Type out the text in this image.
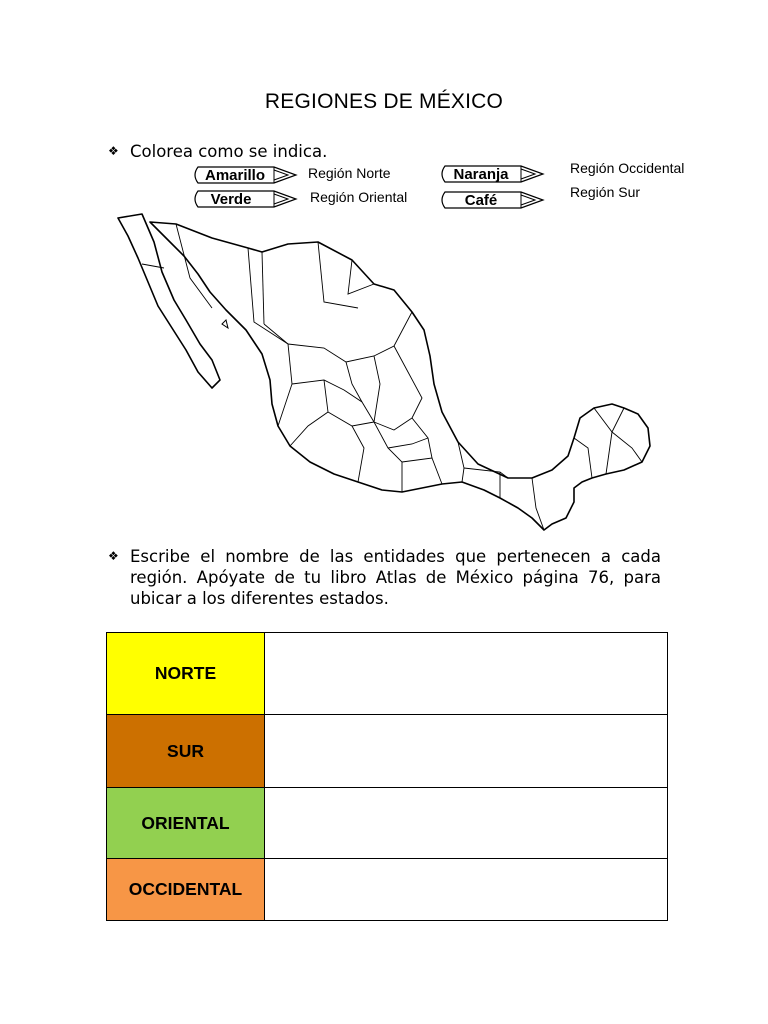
REGIONES DE MÉXICO
❖ Colorea como se indica.
Amarillo	Región Norte
Verde	Región Oriental
Naranja	Región Occidental
Café	Región Sur
❖ Escribe el nombre de las entidades que pertenecen a cada región. Apóyate de tu libro Atlas de México página 76, para ubicar a los diferentes estados.
NORTE	
SUR	
ORIENTAL	
OCCIDENTAL	
